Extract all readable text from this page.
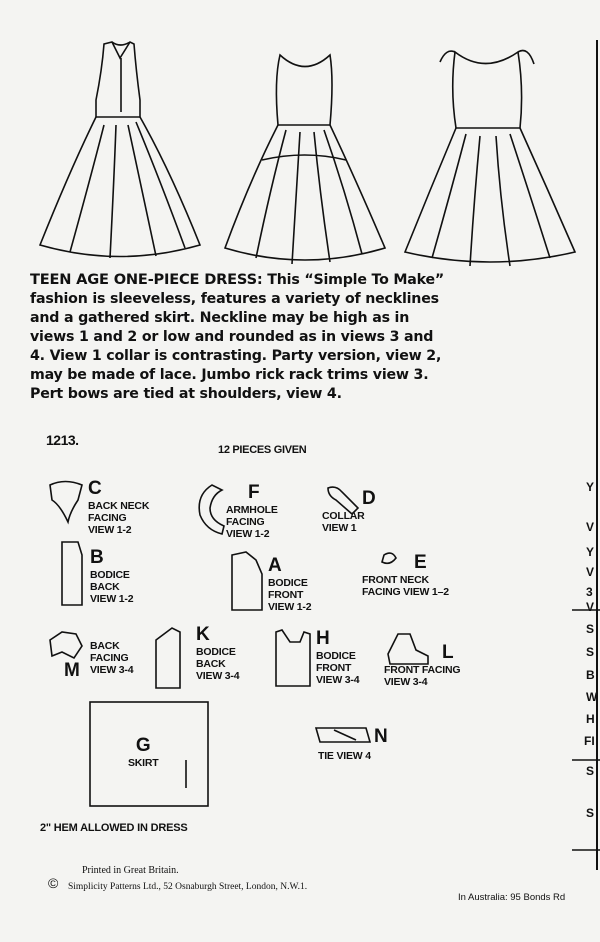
TEEN AGE ONE-PIECE DRESS: This “Simple To Make”
fashion is sleeveless, features a variety of necklines
and a gathered skirt. Neckline may be high as in
views 1 and 2 or low and rounded as in views 3 and
4. View 1 collar is contrasting. Party version, view 2,
may be made of lace. Jumbo rick rack trims view 3.
Pert bows are tied at shoulders, view 4.
1213.
12 PIECES GIVEN
C
BACK NECK
FACING
VIEW 1-2
F
ARMHOLE
FACING
VIEW 1-2
D
COLLAR
VIEW 1
B
BODICE
BACK
VIEW 1-2
A
BODICE
FRONT
VIEW 1-2
E
FRONT NECK
FACING VIEW 1–2
M
BACK
FACING
VIEW 3-4
K
BODICE
BACK
VIEW 3-4
H
BODICE
FRONT
VIEW 3-4
L
FRONT FACING
VIEW 3-4
G
SKIRT
N
TIE VIEW 4
2" HEM ALLOWED IN DRESS
©
Printed in Great Britain.
Simplicity Patterns Ltd., 52 Osnaburgh Street, London, N.W.1.
In Australia: 95 Bonds Rd
Y
V
Y
V
3
V
S
S
B
W
H
FI
S
S
